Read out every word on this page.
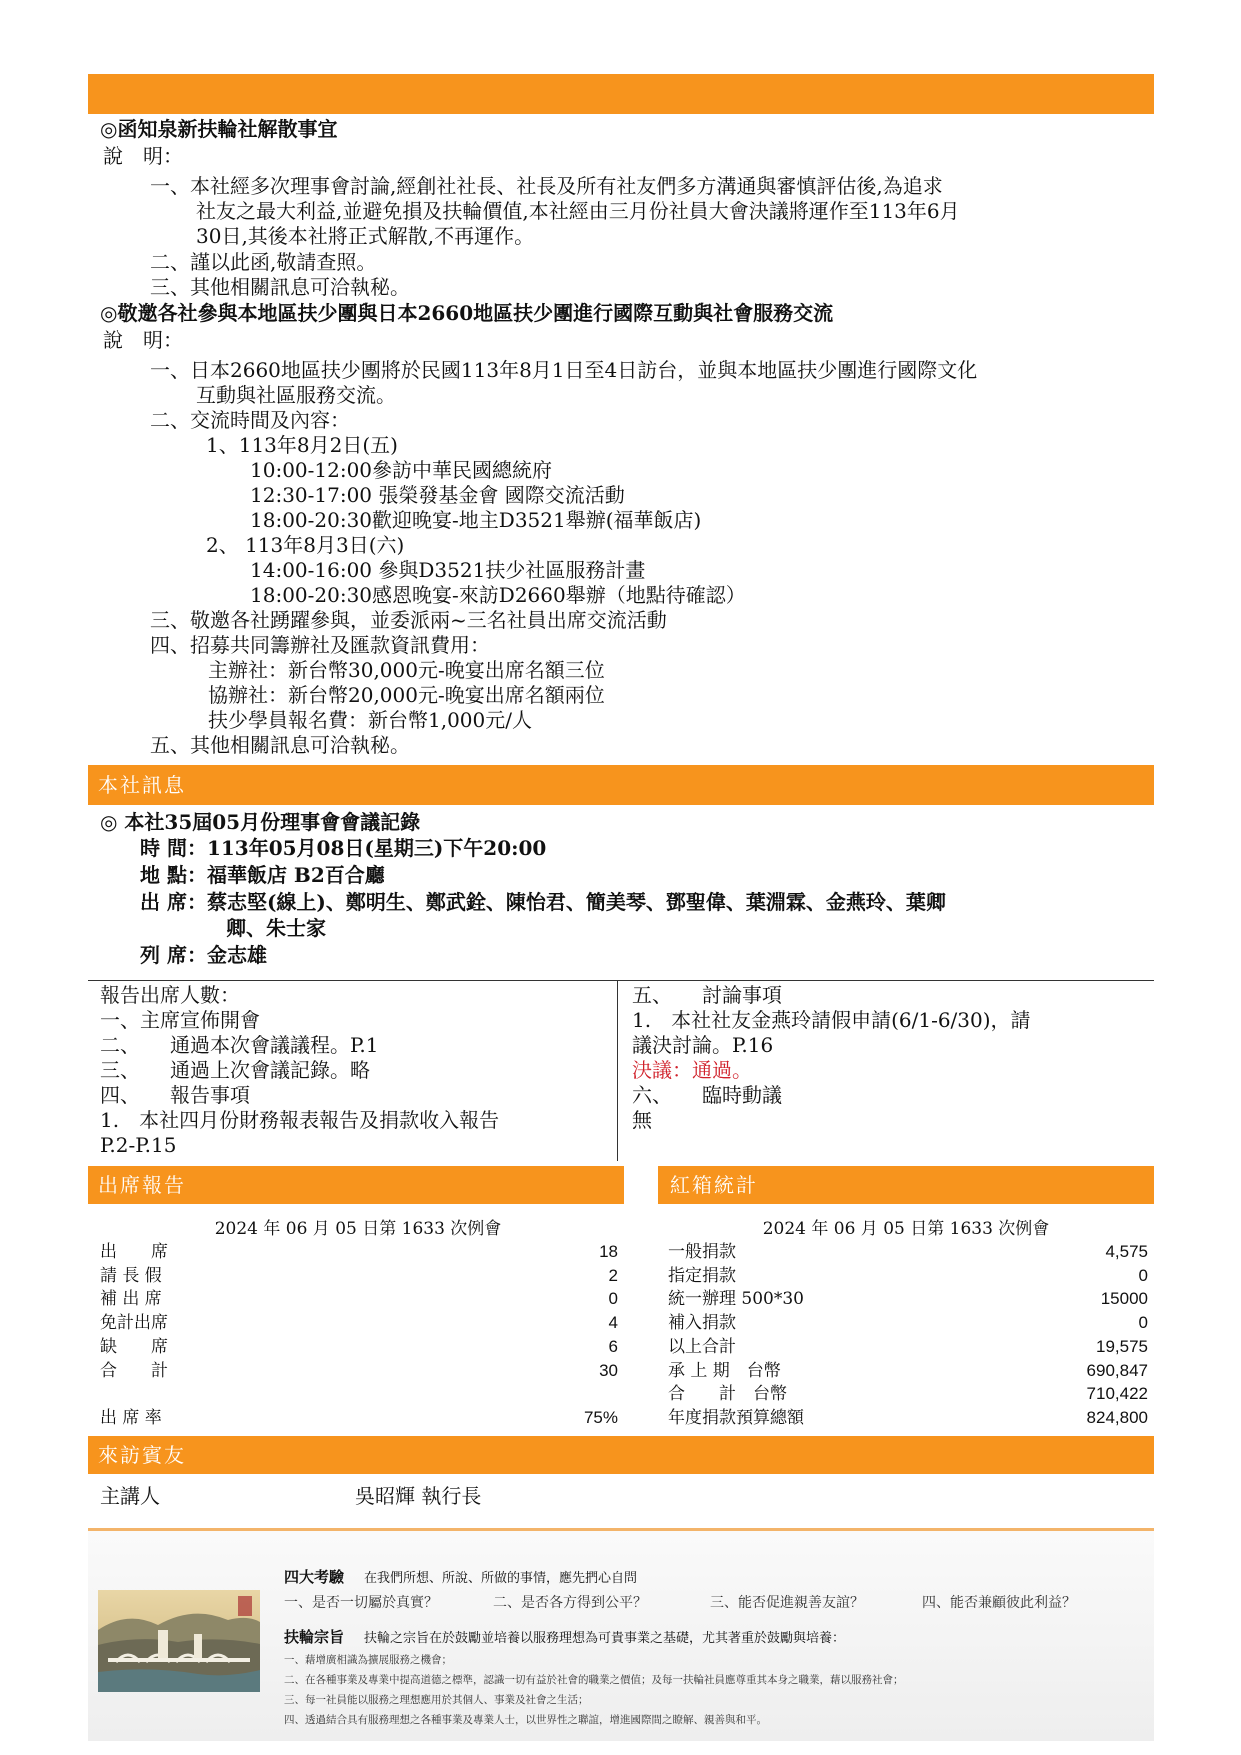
◎函知泉新扶輪社解散事宜
說　明：
一、本社經多次理事會討論,經創社社長、社長及所有社友們多方溝通與審慎評估後,為追求
社友之最大利益,並避免損及扶輪價值,本社經由三月份社員大會決議將運作至113年6月
30日,其後本社將正式解散,不再運作。
二、謹以此函,敬請查照。
三、其他相關訊息可洽執秘。
◎敬邀各社參與本地區扶少團與日本2660地區扶少團進行國際互動與社會服務交流
說　明：
一、日本2660地區扶少團將於民國113年8月1日至4日訪台，並與本地區扶少團進行國際文化
互動與社區服務交流。
二、交流時間及內容：
1、113年8月2日(五)
10:00-12:00參訪中華民國總統府
12:30-17:00 張榮發基金會 國際交流活動
18:00-20:30歡迎晚宴-地主D3521舉辦(福華飯店)
2、 113年8月3日(六)
14:00-16:00 參與D3521扶少社區服務計畫
18:00-20:30感恩晚宴-來訪D2660舉辦（地點待確認）
三、敬邀各社踴躍參與，並委派兩~三名社員出席交流活動
四、招募共同籌辦社及匯款資訊費用：
主辦社：新台幣30,000元-晚宴出席名額三位
協辦社：新台幣20,000元-晚宴出席名額兩位
扶少學員報名費：新台幣1,000元/人
五、其他相關訊息可洽執秘。
本社訊息
◎ 本社35屆05月份理事會會議記錄
時 間：113年05月08日(星期三)下午20:00
地 點：福華飯店 B2百合廳
出 席：蔡志堅(線上)、鄭明生、鄭武銓、陳怡君、簡美琴、鄧聖偉、葉淵霖、金燕玲、葉卿
卿、朱士家
列 席：金志雄
報告出席人數：
一、主席宣佈開會
二、　　通過本次會議議程。P.1
三、　　通過上次會議記錄。略
四、　　報告事項
1.　本社四月份財務報表報告及捐款收入報告
P.2-P.15
五、　　討論事項
1.　本社社友金燕玲請假申請(6/1-6/30)，請
議決討論。P.16
決議：通過。
六、　　臨時動議
無
出席報告
2024 年 06 月 05 日第 1633 次例會
出　　席	18
請 長 假	2
補 出 席	0
免計出席	4
缺　　席	6
合　　計	30
出 席 率	75%
紅箱統計
2024 年 06 月 05 日第 1633 次例會
一般捐款	4,575
指定捐款	0
統一辦理 500*30	15000
補入捐款	0
以上合計	19,575
承 上 期　台幣	690,847
合　　計　台幣	710,422
年度捐款預算總額	824,800
來訪賓友
主講人	吳昭輝 執行長
四大考驗 在我們所想、所說、所做的事情，應先捫心自問
一、是否一切屬於真實？	二、是否各方得到公平？	三、能否促進親善友誼？	四、能否兼顧彼此利益？
扶輪宗旨 扶輪之宗旨在於鼓勵並培養以服務理想為可貴事業之基礎，尤其著重於鼓勵與培養：
一、藉增廣相識為擴展服務之機會；
二、在各種事業及專業中提高道德之標準，認識一切有益於社會的職業之價值；及每一扶輪社員應尊重其本身之職業，藉以服務社會；
三、每一社員能以服務之理想應用於其個人、事業及社會之生活；
四、透過結合具有服務理想之各種事業及專業人士，以世界性之聯誼，增進國際間之瞭解、親善與和平。
